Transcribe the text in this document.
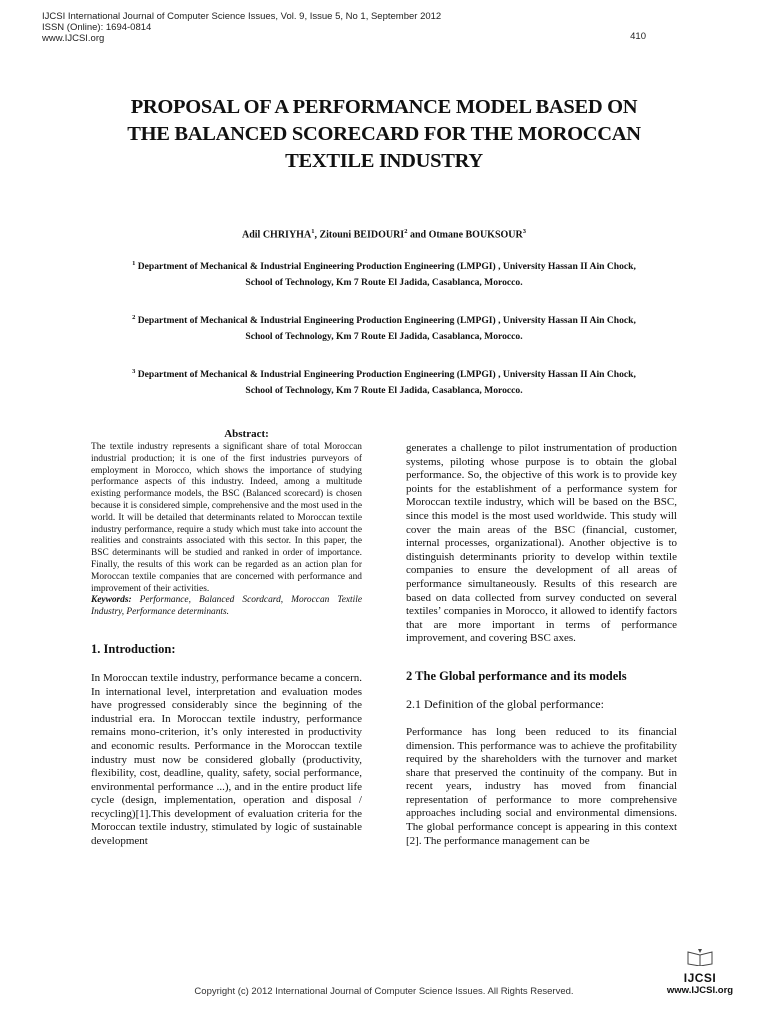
IJCSI International Journal of Computer Science Issues, Vol. 9, Issue 5, No 1, September 2012
ISSN (Online): 1694-0814
www.IJCSI.org	410
PROPOSAL OF A PERFORMANCE MODEL BASED ON
THE BALANCED SCORECARD FOR THE MOROCCAN
TEXTILE INDUSTRY
Adil CHRIYHA$^1$, Zitouni BEIDOURI$^2$ and Otmane BOUKSOUR$^3$
$^1$ Department of Mechanical & Industrial Engineering Production Engineering (LMPGI) , University Hassan II Ain Chock,
School of Technology, Km 7 Route El Jadida, Casablanca, Morocco.
$^2$ Department of Mechanical & Industrial Engineering Production Engineering (LMPGI) , University Hassan II Ain Chock,
School of Technology, Km 7 Route El Jadida, Casablanca, Morocco.
$^3$ Department of Mechanical & Industrial Engineering Production Engineering (LMPGI) , University Hassan II Ain Chock,
School of Technology, Km 7 Route El Jadida, Casablanca, Morocco.
Abstract:

The textile industry represents a significant share of total Moroccan industrial production; it is one of the first industries purveyors of employment in Morocco, which shows the importance of studying performance aspects of this industry. Indeed, among a multitude existing performance models, the BSC (Balanced scorecard) is chosen because it is considered simple, comprehensive and the most used in the world. It will be detailed that determinants related to Moroccan textile industry performance, require a study which must take into account the realities and constraints associated with this sector. In this paper, the BSC determinants will be studied and ranked in order of importance. Finally, the results of this work can be regarded as an action plan for Moroccan textile companies that are concerned with performance and improvement of their activities.

Keywords: Performance, Balanced Scordcard, Moroccan Textile Industry, Performance determinants.

1. Introduction:

In Moroccan textile industry, performance became a concern. In international level, interpretation and evaluation modes have progressed considerably since the beginning of the industrial era. In Moroccan textile industry, performance remains mono-criterion, it’s only interested in productivity and economic results. Performance in the Moroccan textile industry must now be considered globally (productivity, flexibility, cost, deadline, quality, safety, social performance, environmental performance ...), and in the entire product life cycle (design, implementation, operation and disposal / recycling)[1].This development of evaluation criteria for the Moroccan textile industry, stimulated by logic of sustainable development

generates a challenge to pilot instrumentation of production systems, piloting whose purpose is to obtain the global performance. So, the objective of this work is to provide key points for the establishment of a performance system for Moroccan textile industry, which will be based on the BSC, since this model is the most used worldwide. This study will cover the main areas of the BSC (financial, customer, internal processes, organizational). Another objective is to distinguish determinants priority to develop within textile companies to ensure the development of all areas of performance simultaneously. Results of this research are based on data collected from survey conducted on several textiles’ companies in Morocco, it allowed to identify factors that are more important in terms of performance improvement, and covering BSC axes.

2 The Global performance and its models

2.1 Definition of the global performance:

Performance has long been reduced to its financial dimension. This performance was to achieve the profitability required by the shareholders with the turnover and market share that preserved the continuity of the company. But in recent years, industry has moved from financial representation of performance to more comprehensive approaches including social and environmental dimensions. The global performance concept is appearing in this context [2]. The performance management can be

IJCSI
www.IJCSI.org
Copyright (c) 2012 International Journal of Computer Science Issues. All Rights Reserved.
